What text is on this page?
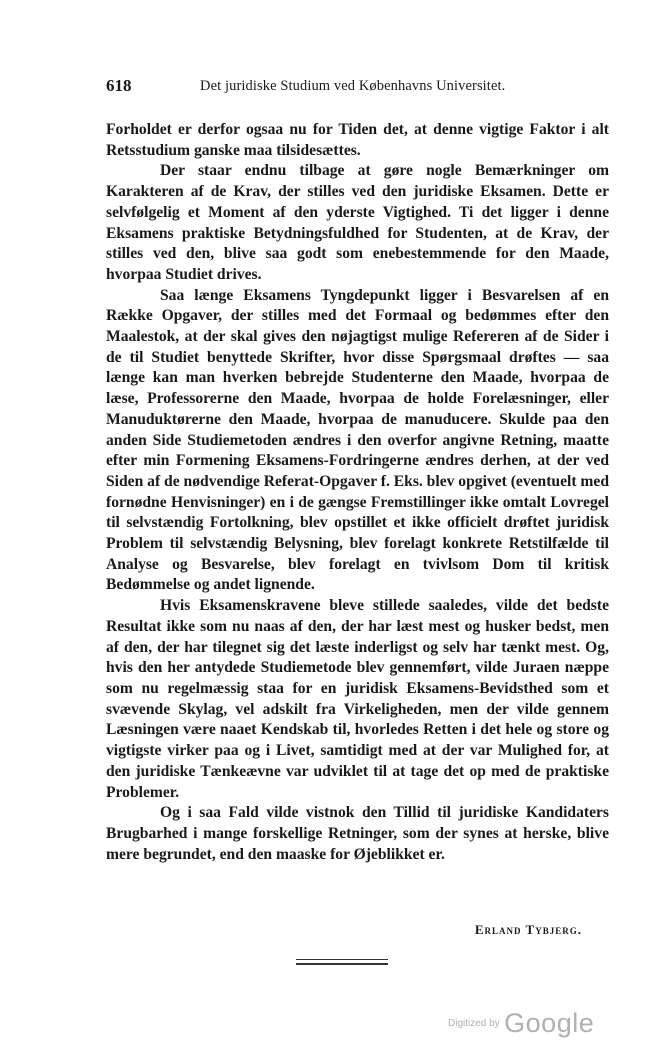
618	Det juridiske Studium ved Københavns Universitet.

Forholdet er derfor ogsaa nu for Tiden det, at denne vigtige Faktor i alt Retsstudium ganske maa tilsidesættes.

Der staar endnu tilbage at gøre nogle Bemærkninger om Karakteren af de Krav, der stilles ved den juridiske Eksamen. Dette er selvfølgelig et Moment af den yderste Vigtighed. Ti det ligger i denne Eksamens praktiske Betydningsfuldhed for Studenten, at de Krav, der stilles ved den, blive saa godt som enebestemmende for den Maade, hvorpaa Studiet drives.

Saa længe Eksamens Tyngdepunkt ligger i Besvarelsen af en Række Opgaver, der stilles med det Formaal og bedømmes efter den Maalestok, at der skal gives den nøjagtigst mulige Refereren af de Sider i de til Studiet benyttede Skrifter, hvor disse Spørgsmaal drøftes — saa længe kan man hverken bebrejde Studenterne den Maade, hvorpaa de læse, Professorerne den Maade, hvorpaa de holde Forelæsninger, eller Manuduktørerne den Maade, hvorpaa de manuducere. Skulde paa den anden Side Studiemetoden ændres i den overfor angivne Retning, maatte efter min Formening Eksamens-Fordringerne ændres derhen, at der ved Siden af de nødvendige Referat-Opgaver f. Eks. blev opgivet (eventuelt med fornødne Henvisninger) en i de gængse Fremstillinger ikke omtalt Lovregel til selvstændig Fortolkning, blev opstillet et ikke officielt drøftet juridisk Problem til selvstændig Belysning, blev forelagt konkrete Retstilfælde til Analyse og Besvarelse, blev forelagt en tvivlsom Dom til kritisk Bedømmelse og andet lignende.

Hvis Eksamenskravene bleve stillede saaledes, vilde det bedste Resultat ikke som nu naas af den, der har læst mest og husker bedst, men af den, der har tilegnet sig det læste inderligst og selv har tænkt mest. Og, hvis den her antydede Studiemetode blev gennemført, vilde Juraen næppe som nu regelmæssig staa for en juridisk Eksamens-Bevidsthed som et svævende Skylag, vel adskilt fra Virkeligheden, men der vilde gennem Læsningen være naaet Kendskab til, hvorledes Retten i det hele og store og vigtigste virker paa og i Livet, samtidigt med at der var Mulighed for, at den juridiske Tænkeævne var udviklet til at tage det op med de praktiske Problemer.

Og i saa Fald vilde vistnok den Tillid til juridiske Kandidaters Brugbarhed i mange forskellige Retninger, som der synes at herske, blive mere begrundet, end den maaske for Øjeblikket er.

Erland Tybjerg.
Digitized by Google
